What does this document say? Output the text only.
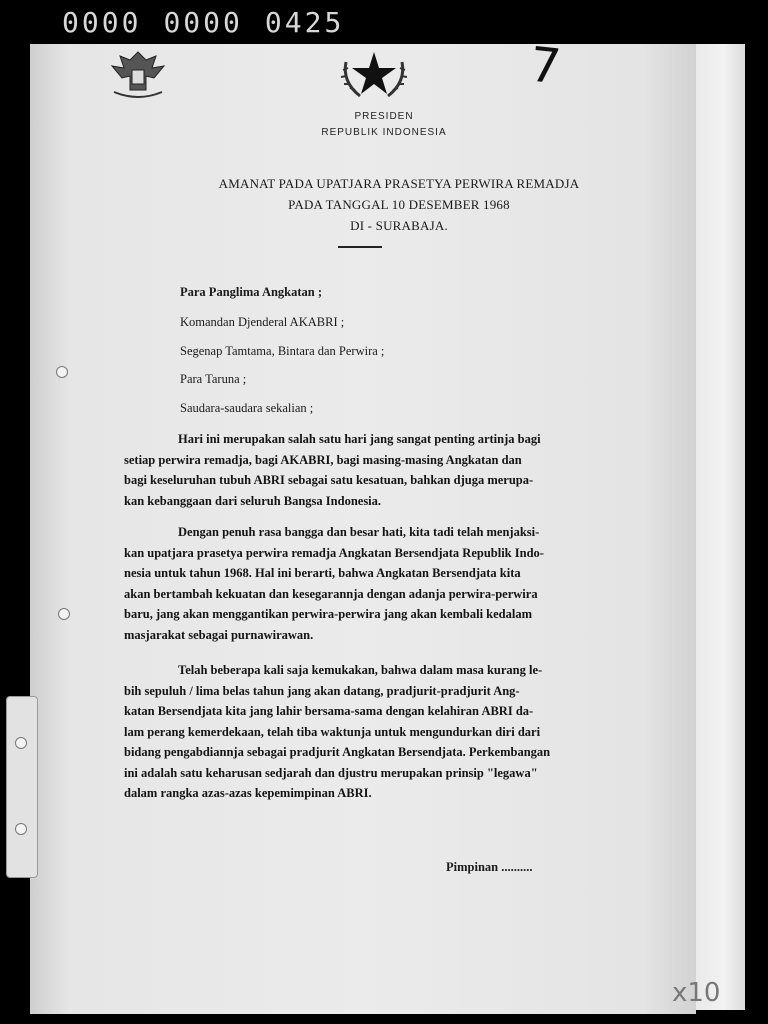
0000 0000 0425
7
x10
PRESIDEN
REPUBLIK INDONESIA
AMANAT PADA UPATJARA PRASETYA PERWIRA REMADJA
PADA TANGGAL 10 DESEMBER 1968
DI - SURABAJA.
Para Panglima Angkatan ;
Komandan Djenderal AKABRI ;
Segenap Tamtama, Bintara dan Perwira ;
Para Taruna ;
Saudara-saudara sekalian ;
Hari ini merupakan salah satu hari jang sangat penting artinja bagi
setiap perwira remadja, bagi AKABRI, bagi masing-masing Angkatan dan
bagi keseluruhan tubuh ABRI sebagai satu kesatuan, bahkan djuga merupa-
kan kebanggaan dari seluruh Bangsa Indonesia.
Dengan penuh rasa bangga dan besar hati, kita tadi telah menjaksi-
kan upatjara prasetya perwira remadja Angkatan Bersendjata Republik Indo-
nesia untuk tahun 1968. Hal ini berarti, bahwa Angkatan Bersendjata kita
akan bertambah kekuatan dan kesegarannja dengan adanja perwira-perwira
baru, jang akan menggantikan perwira-perwira jang akan kembali kedalam
masjarakat sebagai purnawirawan.
Telah beberapa kali saja kemukakan, bahwa dalam masa kurang le-
bih sepuluh / lima belas tahun jang akan datang, pradjurit-pradjurit Ang-
katan Bersendjata kita jang lahir bersama-sama dengan kelahiran ABRI da-
lam perang kemerdekaan, telah tiba waktunja untuk mengundurkan diri dari
bidang pengabdiannja sebagai pradjurit Angkatan Bersendjata. Perkembangan
ini adalah satu keharusan sedjarah dan djustru merupakan prinsip "legawa"
dalam rangka azas-azas kepemimpinan ABRI.
Pimpinan ..........
